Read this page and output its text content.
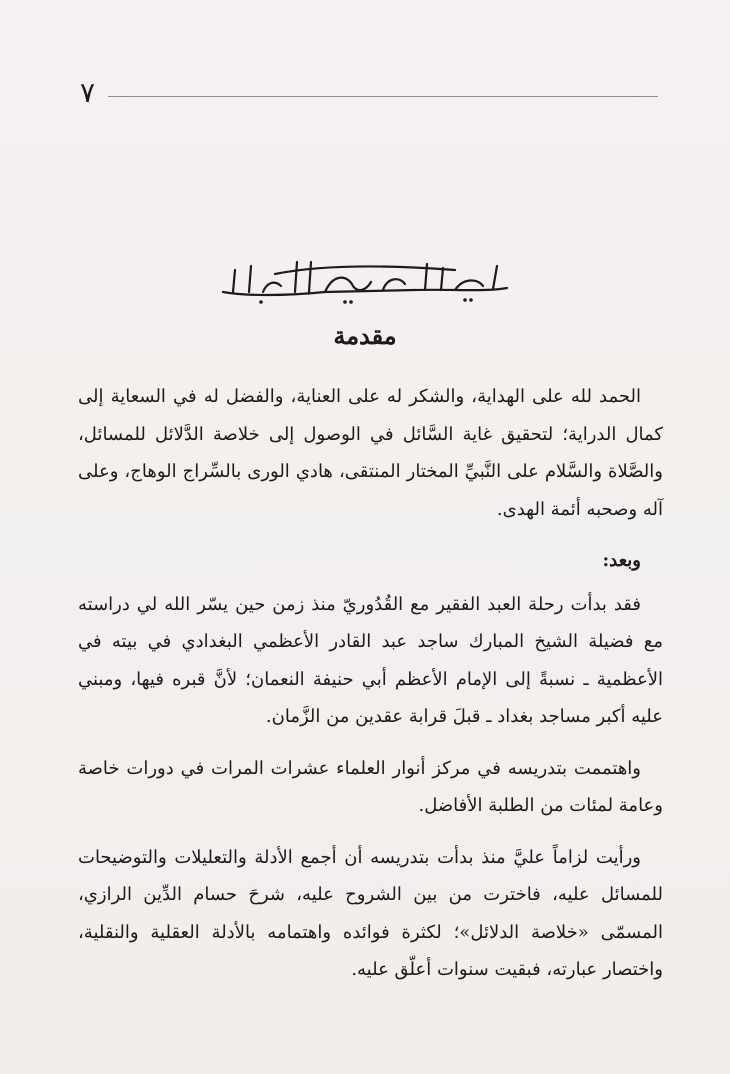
٧
مقدمة

الحمد لله على الهداية، والشكر له على العناية، والفضل له في السعاية إلى كمال الدراية؛ لتحقيق غاية السَّائل في الوصول إلى خلاصة الدَّلائل للمسائل، والصَّلاة والسَّلام على النَّبيِّ المختار المنتقى، هادي الورى بالسِّراج الوهاج، وعلى آله وصحبه أئمة الهدى.

وبعد:

فقد بدأت رحلة العبد الفقير مع القُدُوريّ منذ زمن حين يسّر الله لي دراسته مع فضيلة الشيخ المبارك ساجد عبد القادر الأعظمي البغدادي في بيته في الأعظمية ـ نسبةً إلى الإمام الأعظم أبي حنيفة النعمان؛ لأنَّ قبره فيها، ومبني عليه أكبر مساجد بغداد ـ قبلَ قرابة عقدين من الزَّمان.

واهتممت بتدريسه في مركز أنوار العلماء عشرات المرات في دورات خاصة وعامة لمئات من الطلبة الأفاضل.

ورأيت لزاماً عليَّ منذ بدأت بتدريسه أن أجمع الأدلة والتعليلات والتوضيحات للمسائل عليه، فاخترت من بين الشروح عليه، شرحَ حسام الدِّين الرازي، المسمّى «خلاصة الدلائل»؛ لكثرة فوائده واهتمامه بالأدلة العقلية والنقلية، واختصار عبارته، فبقيت سنوات أعلّق عليه.
